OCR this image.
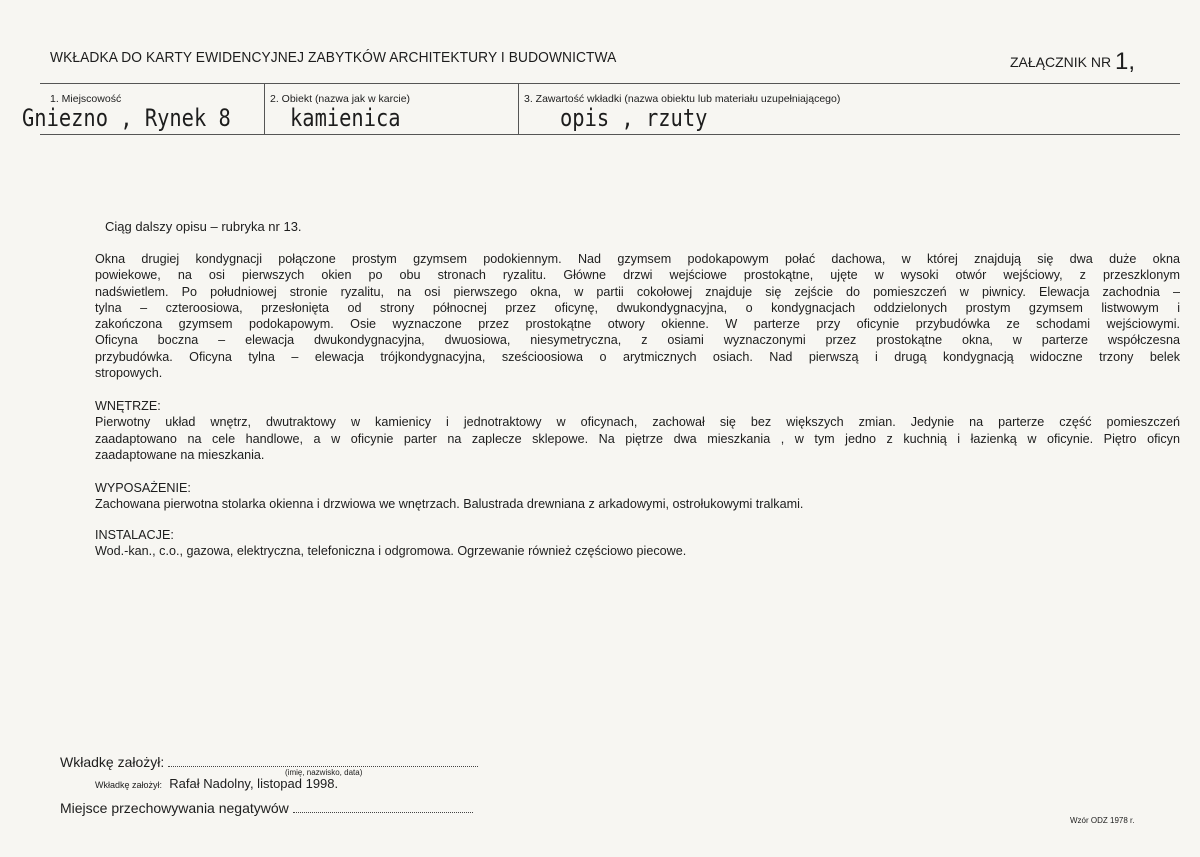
WKŁADKA DO KARTY EWIDENCYJNEJ ZABYTKÓW ARCHITEKTURY I BUDOWNICTWA	ZAŁĄCZNIK NR 1,
1. Miejscowość
Gniezno , Rynek 8
2. Obiekt (nazwa jak w karcie)
kamienica
3. Zawartość wkładki (nazwa obiektu lub materiału uzupełniającego)
opis , rzuty
Ciąg dalszy opisu – rubryka nr 13.
Okna drugiej kondygnacji połączone prostym gzymsem podokiennym. Nad gzymsem podokapowym połać dachowa, w której znajdują się dwa duże okna
powiekowe, na osi pierwszych okien po obu stronach ryzalitu. Główne drzwi wejściowe prostokątne, ujęte w wysoki otwór wejściowy, z przeszklonym
nadświetlem. Po południowej stronie ryzalitu, na osi pierwszego okna, w partii cokołowej znajduje się zejście do pomieszczeń w piwnicy. Elewacja zachodnia –
tylna – czteroosiowa, przesłonięta od strony północnej przez oficynę, dwukondygnacyjna, o kondygnacjach oddzielonych prostym gzymsem listwowym i
zakończona gzymsem podokapowym. Osie wyznaczone przez prostokątne otwory okienne. W parterze przy oficynie przybudówka ze schodami wejściowymi.
Oficyna boczna – elewacja dwukondygnacyjna, dwuosiowa, niesymetryczna, z osiami wyznaczonymi przez prostokątne okna, w parterze współczesna
przybudówka. Oficyna tylna – elewacja trójkondygnacyjna, sześcioosiowa o arytmicznych osiach. Nad pierwszą i drugą kondygnacją widoczne trzony belek
stropowych.
WNĘTRZE:
Pierwotny układ wnętrz, dwutraktowy w kamienicy i jednotraktowy w oficynach, zachował się bez większych zmian. Jedynie na parterze część pomieszczeń
zaadaptowano na cele handlowe, a w oficynie parter na zaplecze sklepowe. Na piętrze dwa mieszkania , w tym jedno z kuchnią i łazienką w oficynie. Piętro oficyn
zaadaptowane na mieszkania.
WYPOSAŻENIE:
Zachowana pierwotna stolarka okienna i drzwiowa we wnętrzach. Balustrada drewniana z arkadowymi, ostrołukowymi tralkami.
INSTALACJE:
Wod.-kan., c.o., gazowa, elektryczna, telefoniczna i odgromowa. Ogrzewanie również częściowo piecowe.
Wkładkę założył:
(imię, nazwisko, data)
Wkładkę założył: Rafał Nadolny, listopad 1998.
Miejsce przechowywania negatywów
Wzór ODZ 1978 r.
